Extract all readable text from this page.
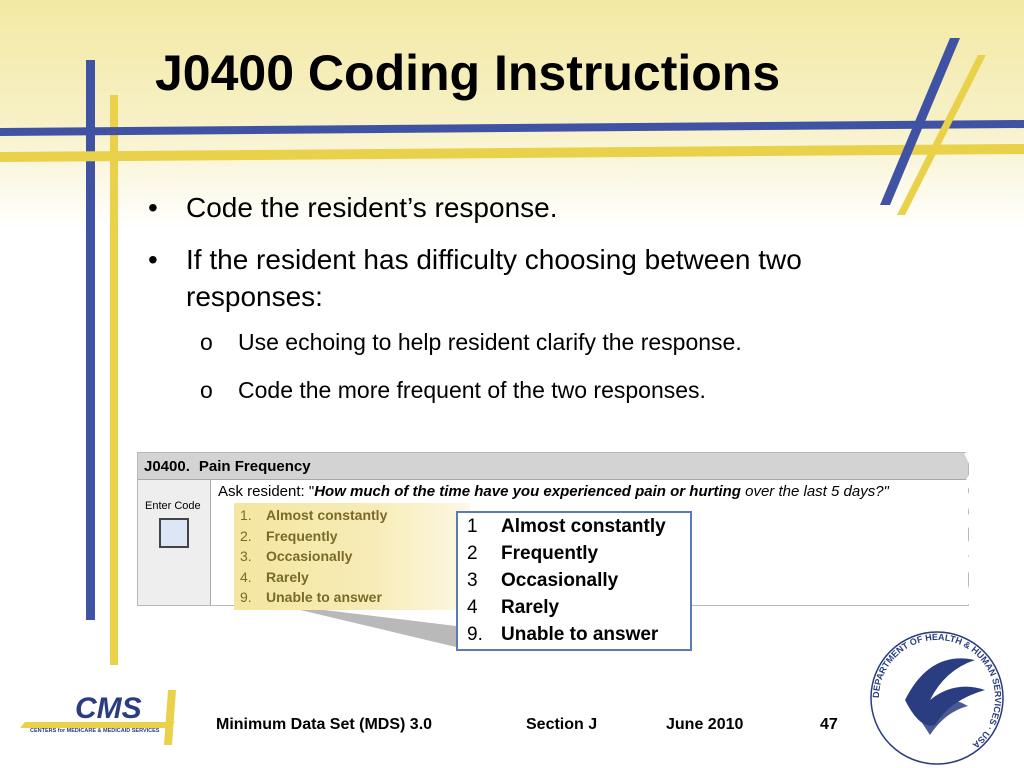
J0400 Coding Instructions
•	Code the resident’s response.
•	If the resident has difficulty choosing between two responses:
o	Use echoing to help resident clarify the response.
o	Code the more frequent of the two responses.
J0400. Pain Frequency
Enter Code
Ask resident: "How much of the time have you experienced pain or hurting over the last 5 days?"
1.	Almost constantly
2.	Frequently
3.	Occasionally
4.	Rarely
9.	Unable to answer
1	Almost constantly
2	Frequently
3	Occasionally
4	Rarely
9. Unable to answer
CMS
CENTERS for MEDICARE & MEDICAID SERVICES
DEPARTMENT OF HEALTH & HUMAN SERVICES · USA
Minimum Data Set (MDS) 3.0	Section J	June 2010	47
